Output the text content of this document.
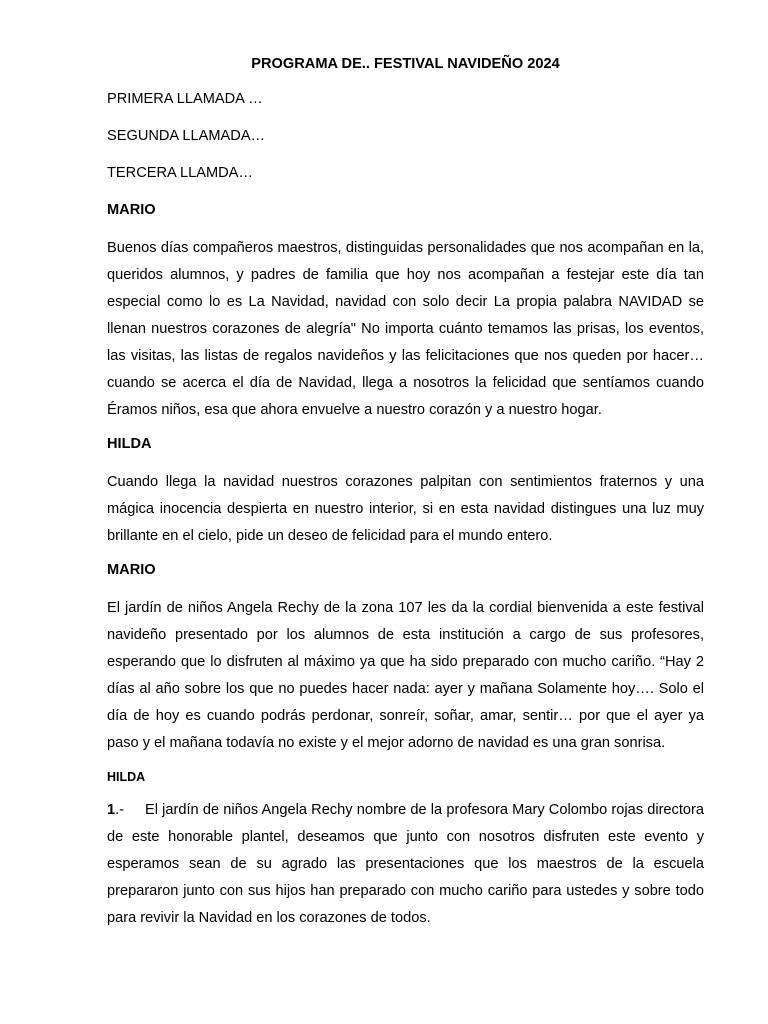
PROGRAMA DE.. FESTIVAL NAVIDEÑO 2024
PRIMERA LLAMADA …
SEGUNDA LLAMADA…
TERCERA LLAMDA…
MARIO
Buenos días compañeros maestros, distinguidas personalidades que nos acompañan en la, queridos alumnos, y padres de familia que hoy nos acompañan a festejar este día tan especial como lo es La Navidad, navidad con solo decir La propia palabra NAVIDAD se llenan nuestros corazones de alegría" No importa cuánto temamos las prisas, los eventos, las visitas, las listas de regalos navideños y las felicitaciones que nos queden por hacer… cuando se acerca el día de Navidad, llega a nosotros la felicidad que sentíamos cuando Éramos niños, esa que ahora envuelve a nuestro corazón y a nuestro hogar.
HILDA
Cuando llega la navidad nuestros corazones palpitan con sentimientos fraternos y una mágica inocencia despierta en nuestro interior, si en esta navidad distingues una luz muy brillante en el cielo, pide un deseo de felicidad para el mundo entero.
MARIO
El jardín de niños Angela Rechy de la zona 107 les da la cordial bienvenida a este festival navideño presentado por los alumnos de esta institución a cargo de sus profesores, esperando que lo disfruten al máximo ya que ha sido preparado con mucho cariño. “Hay 2 días al año sobre los que no puedes hacer nada: ayer y mañana Solamente hoy…. Solo el día de hoy es cuando podrás perdonar, sonreír, soñar, amar, sentir… por que el ayer ya paso y el mañana todavía no existe y el mejor adorno de navidad es una gran sonrisa.
HILDA
1.- El jardín de niños Angela Rechy nombre de la profesora Mary Colombo rojas directora de este honorable plantel, deseamos que junto con nosotros disfruten este evento y esperamos sean de su agrado las presentaciones que los maestros de la escuela prepararon junto con sus hijos han preparado con mucho cariño para ustedes y sobre todo para revivir la Navidad en los corazones de todos.
